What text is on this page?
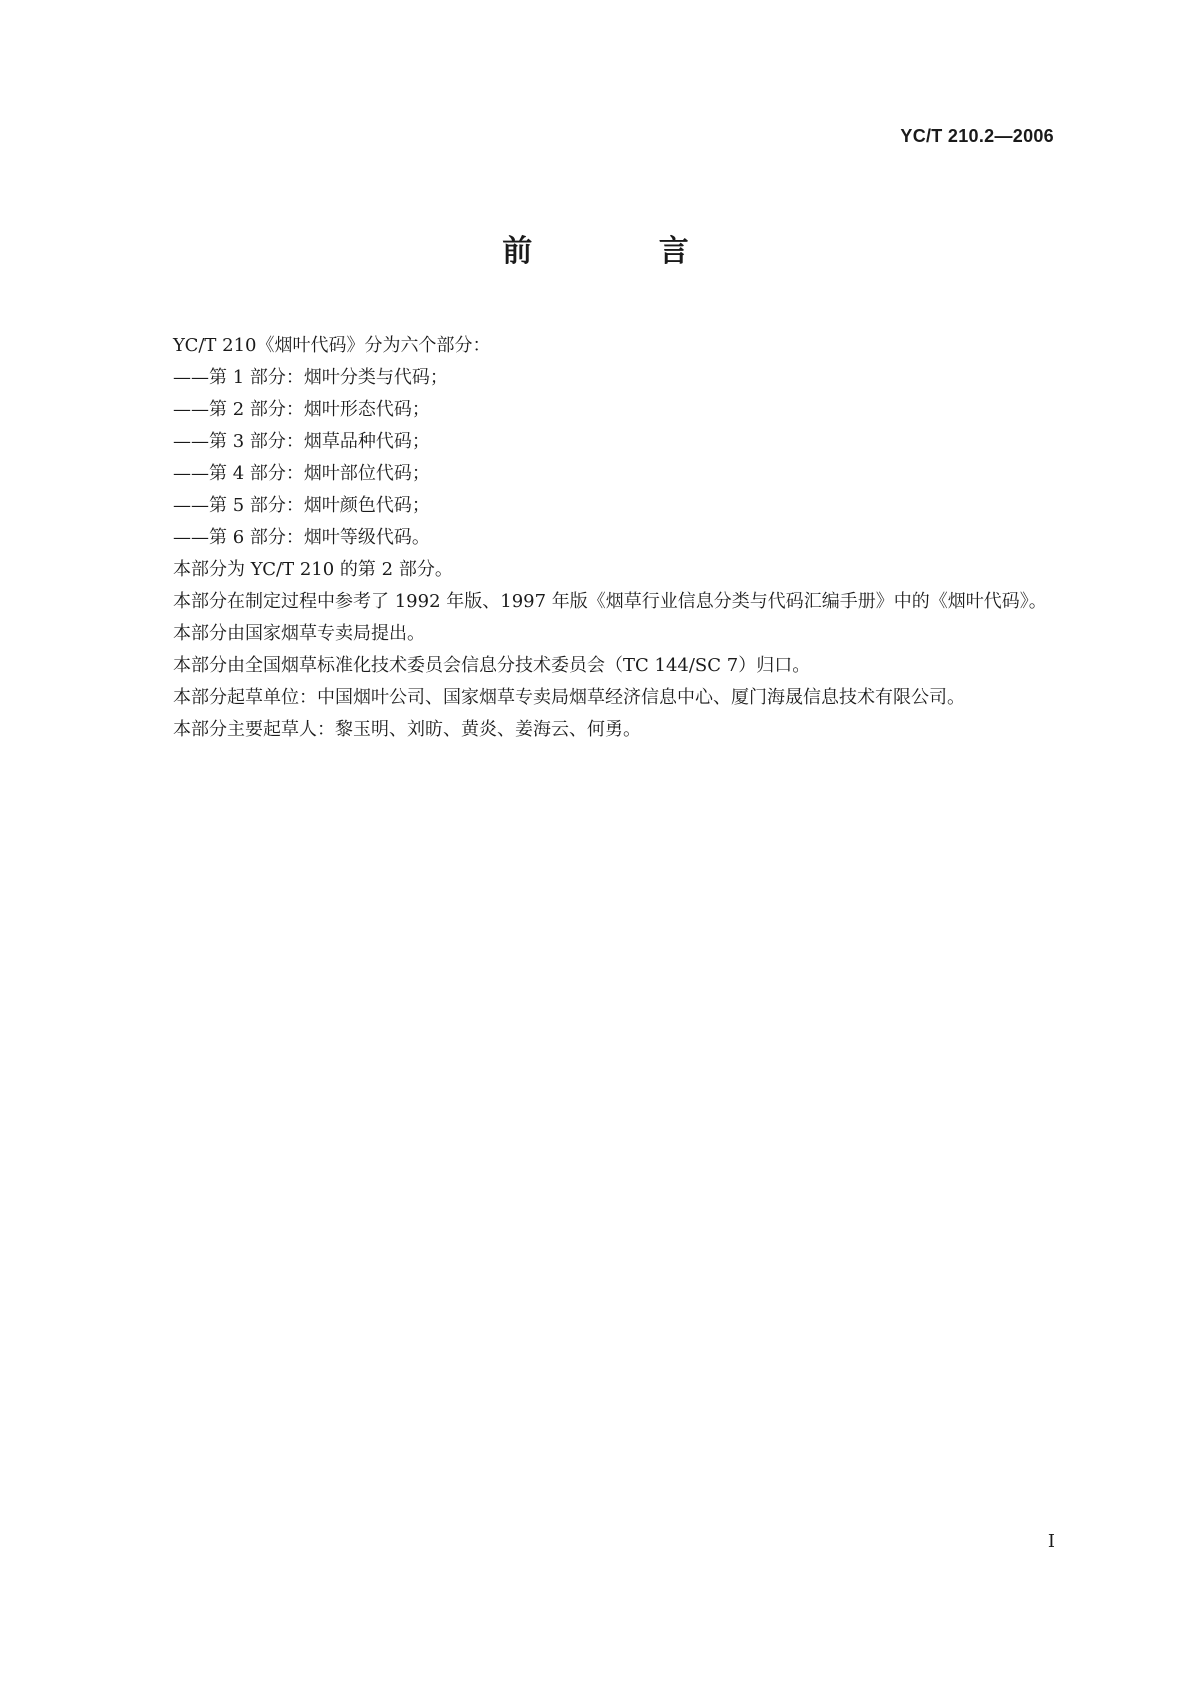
YC/T 210.2—2006
前 言

YC/T 210《烟叶代码》分为六个部分：

——第 1 部分：烟叶分类与代码；

——第 2 部分：烟叶形态代码；

——第 3 部分：烟草品种代码；

——第 4 部分：烟叶部位代码；

——第 5 部分：烟叶颜色代码；

——第 6 部分：烟叶等级代码。

本部分为 YC/T 210 的第 2 部分。

本部分在制定过程中参考了 1992 年版、1997 年版《烟草行业信息分类与代码汇编手册》中的《烟叶代码》。

本部分由国家烟草专卖局提出。

本部分由全国烟草标准化技术委员会信息分技术委员会（TC 144/SC 7）归口。

本部分起草单位：中国烟叶公司、国家烟草专卖局烟草经济信息中心、厦门海晟信息技术有限公司。

本部分主要起草人：黎玉明、刘昉、黄炎、姜海云、何勇。

I
